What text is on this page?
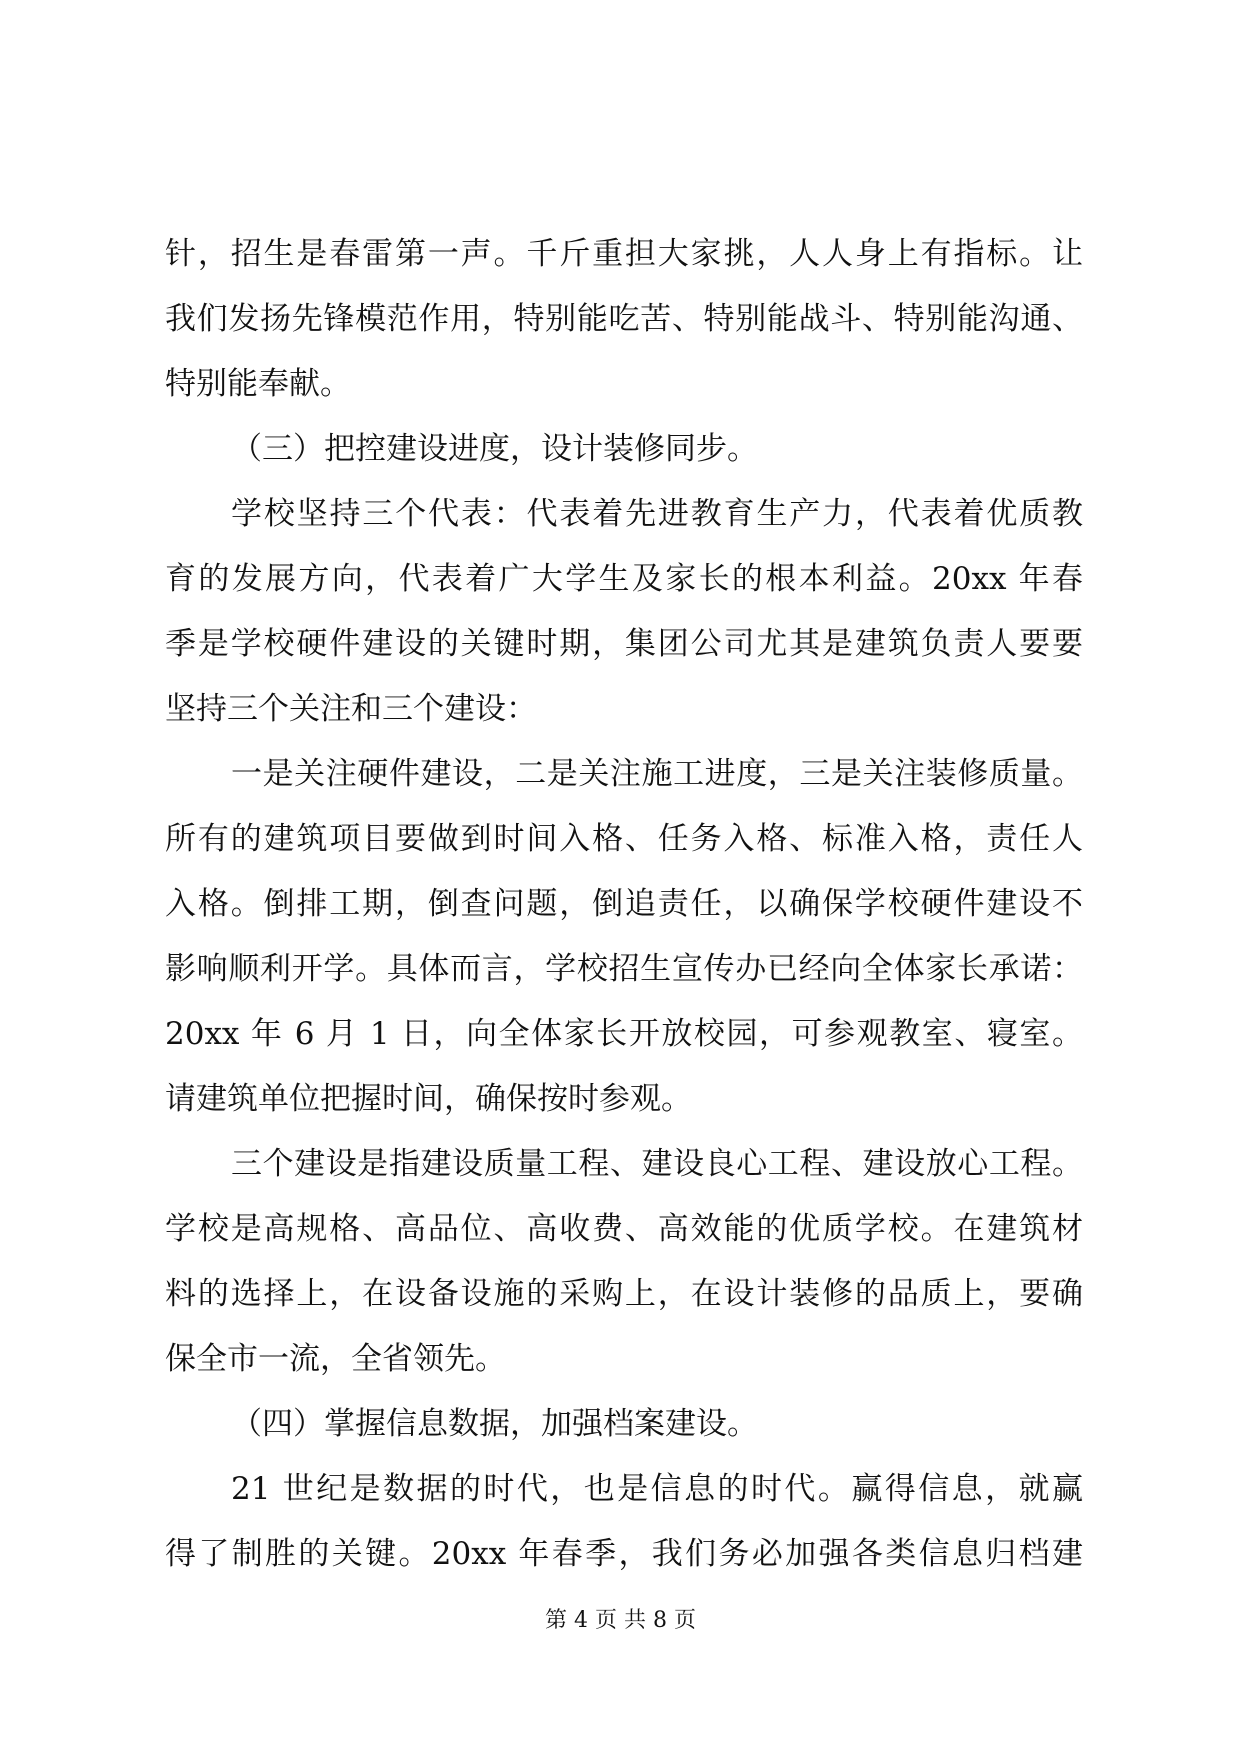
针，招生是春雷第一声。千斤重担大家挑，人人身上有指标。让
我们发扬先锋模范作用，特别能吃苦、特别能战斗、特别能沟通、
特别能奉献。
（三）把控建设进度，设计装修同步。
学校坚持三个代表：代表着先进教育生产力，代表着优质教
育的发展方向，代表着广大学生及家长的根本利益。20xx 年春
季是学校硬件建设的关键时期，集团公司尤其是建筑负责人要要
坚持三个关注和三个建设：
一是关注硬件建设，二是关注施工进度，三是关注装修质量。
所有的建筑项目要做到时间入格、任务入格、标准入格，责任人
入格。倒排工期，倒查问题，倒追责任，以确保学校硬件建设不
影响顺利开学。具体而言，学校招生宣传办已经向全体家长承诺：
20xx 年 6 月 1 日，向全体家长开放校园，可参观教室、寝室。
请建筑单位把握时间，确保按时参观。
三个建设是指建设质量工程、建设良心工程、建设放心工程。
学校是高规格、高品位、高收费、高效能的优质学校。在建筑材
料的选择上，在设备设施的采购上，在设计装修的品质上，要确
保全市一流，全省领先。
（四）掌握信息数据，加强档案建设。
21 世纪是数据的时代，也是信息的时代。赢得信息，就赢
得了制胜的关键。20xx 年春季，我们务必加强各类信息归档建
第 4 页 共 8 页
